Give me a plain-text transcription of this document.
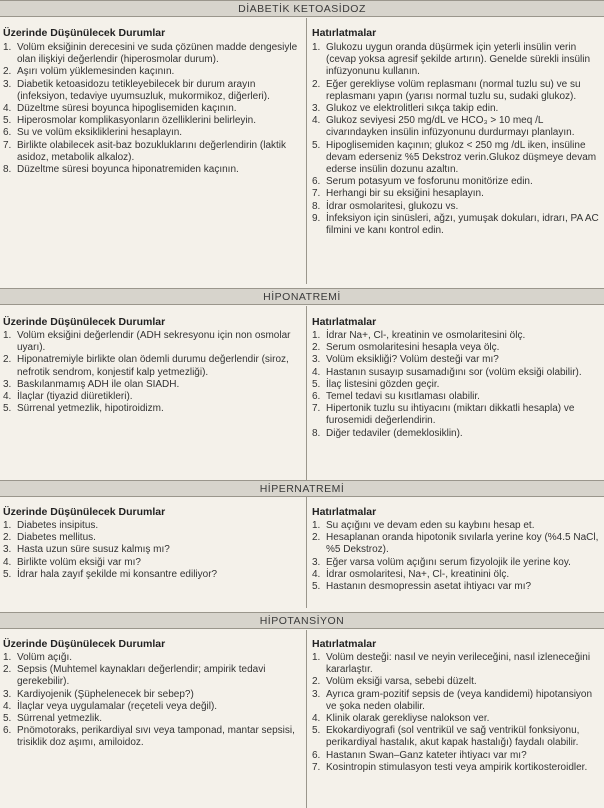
DİABETİK KETOASİDOZ
Üzerinde Düşünülecek Durumlar	Hatırlatmalar
1. Volüm eksiğinin derecesini ve suda çözünen madde dengesiyle olan ilişkiyi değerlendir (hiperosmolar durum).
2. Aşırı volüm yüklemesinden kaçının.
3. Diabetik ketoasidozu tetikleyebilecek bir durum arayın (infeksiyon, tedaviye uyumsuzluk, mukormikoz, diğerleri).
4. Düzeltme süresi boyunca hipoglisemiden kaçının.
5. Hiperosmolar komplikasyonların özelliklerini belirleyin.
6. Su ve volüm eksikliklerini hesaplayın.
7. Birlikte olabilecek asit-baz bozukluklarını değerlendirin (laktik asidoz, metabolik alkaloz).
8. Düzeltme süresi boyunca hiponatremiden kaçının.
1. Glukozu uygun oranda düşürmek için yeterli insülin verin (cevap yoksa agresif şekilde artırın). Genelde sürekli insülin infüzyonunu kullanın.
2. Eğer gerekliyse volüm replasmanı (normal tuzlu su) ve su replasmanı yapın (yarısı normal tuzlu su, sudaki glukoz).
3. Glukoz ve elektrolitleri sıkça takip edin.
4. Glukoz seviyesi 250 mg/dL ve HCO₃ > 10 meq /L civarındayken insülin infüzyonunu durdurmayı planlayın.
5. Hipoglisemiden kaçının; glukoz < 250 mg /dL iken, insüline devam ederseniz %5 Dekstroz verin.Glukoz düşmeye devam ederse insülin dozunu azaltın.
6. Serum potasyum ve fosforunu monitörize edin.
7. Herhangi bir su eksiğini hesaplayın.
8. İdrar osmolaritesi, glukozu vs.
9. İnfeksiyon için sinüsleri, ağzı, yumuşak dokuları, idrarı, PA AC filmini ve kanı kontrol edin.
HİPONATREMİ
Üzerinde Düşünülecek Durumlar	Hatırlatmalar
1. Volüm eksiğini değerlendir (ADH sekresyonu için non osmolar uyarı).
2. Hiponatremiyle birlikte olan ödemli durumu değerlendir (siroz, nefrotik sendrom, konjestif kalp yetmezliği).
3. Baskılanmamış ADH ile olan SIADH.
4. İlaçlar (tiyazid diüretikleri).
5. Sürrenal yetmezlik, hipotiroidizm.
1. İdrar Na+, Cl-, kreatinin ve osmolaritesini ölç.
2. Serum osmolaritesini hesapla veya ölç.
3. Volüm eksikliği? Volüm desteği var mı?
4. Hastanın susayıp susamadığını sor (volüm eksiği olabilir).
5. İlaç listesini gözden geçir.
6. Temel tedavi su kısıtlaması olabilir.
7. Hipertonik tuzlu su ihtiyacını (miktarı dikkatli hesapla) ve furosemidi değerlendirin.
8. Diğer tedaviler (demeklosiklin).
HİPERNATREMİ
Üzerinde Düşünülecek Durumlar	Hatırlatmalar
1. Diabetes insipitus.
2. Diabetes mellitus.
3. Hasta uzun süre susuz kalmış mı?
4. Birlikte volüm eksiği var mı?
5. İdrar hala zayıf şekilde mi konsantre ediliyor?
1. Su açığını ve devam eden su kaybını hesap et.
2. Hesaplanan oranda hipotonik sıvılarla yerine koy (%4.5 NaCl, %5 Dekstroz).
3. Eğer varsa volüm açığını serum fizyolojik ile yerine koy.
4. İdrar osmolaritesi, Na+, Cl-, kreatinini ölç.
5. Hastanın desmopressin asetat ihtiyacı var mı?
HİPOTANSİYON
Üzerinde Düşünülecek Durumlar	Hatırlatmalar
1. Volüm açığı.
2. Sepsis (Muhtemel kaynakları değerlendir; ampirik tedavi gerekebilir).
3. Kardiyojenik (Şüphelenecek bir sebep?)
4. İlaçlar veya uygulamalar (reçeteli veya değil).
5. Sürrenal yetmezlik.
6. Pnömotoraks, perikardiyal sıvı veya tamponad, mantar sepsisi, trisiklik doz aşımı, amiloidoz.
1. Volüm desteği: nasıl ve neyin verileceğini, nasıl izleneceğini kararlaştır.
2. Volüm eksiği varsa, sebebi düzelt.
3. Ayrıca gram-pozitif sepsis de (veya kandidemi) hipotansiyon ve şoka neden olabilir.
4. Klinik olarak gerekliyse nalokson ver.
5. Ekokardiyografi (sol ventrikül ve sağ ventrikül fonksiyonu, perikardiyal hastalık, akut kapak hastalığı) faydalı olabilir.
6. Hastanın Swan–Ganz kateter ihtiyacı var mı?
7. Kosintropin stimulasyon testi veya ampirik kortikosteroidler.
